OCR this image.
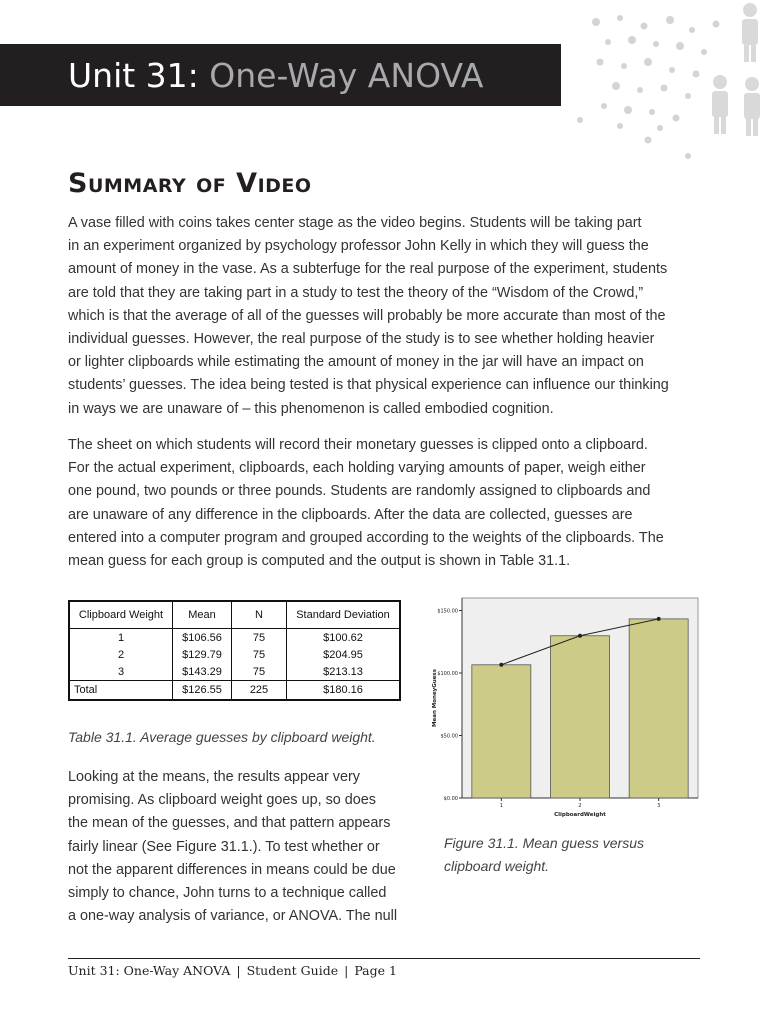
Unit 31: One-Way ANOVA
Summary of Video

A vase filled with coins takes center stage as the video begins. Students will be taking part
in an experiment organized by psychology professor John Kelly in which they will guess the
amount of money in the vase. As a subterfuge for the real purpose of the experiment, students
are told that they are taking part in a study to test the theory of the “Wisdom of the Crowd,”
which is that the average of all of the guesses will probably be more accurate than most of the
individual guesses. However, the real purpose of the study is to see whether holding heavier
or lighter clipboards while estimating the amount of money in the jar will have an impact on
students’ guesses. The idea being tested is that physical experience can influence our thinking
in ways we are unaware of – this phenomenon is called embodied cognition.

The sheet on which students will record their monetary guesses is clipped onto a clipboard.
For the actual experiment, clipboards, each holding varying amounts of paper, weigh either
one pound, two pounds or three pounds. Students are randomly assigned to clipboards and
are unaware of any difference in the clipboards. After the data are collected, guesses are
entered into a computer program and grouped according to the weights of the clipboards. The
mean guess for each group is computed and the output is shown in Table 31.1.

Clipboard Weight	Mean	N	Standard Deviation
1	$106.56	75	$100.62
2	$129.79	75	$204.95
3	$143.29	75	$213.13
Total	$126.55	225	$180.16

Table 31.1. Average guesses by clipboard weight.

$0.00
$50.00
$100.00
$150.00
1	2	3
ClipboardWeight
Mean MoneyGuess

Looking at the means, the results appear very
promising. As clipboard weight goes up, so does
the mean of the guesses, and that pattern appears
fairly linear (See Figure 31.1.). To test whether or
not the apparent differences in means could be due
simply to chance, John turns to a technique called
a one-way analysis of variance, or ANOVA. The null

Figure 31.1. Mean guess versus
clipboard weight.

Unit 31: One-Way ANOVA | Student Guide | Page 1
